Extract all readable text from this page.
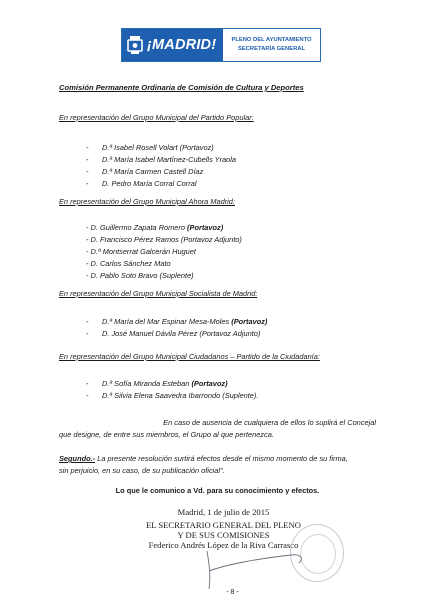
¡MADRID!	PLENO DEL AYUNTAMIENTO
SECRETARÍA GENERAL
Comisión Permanente Ordinaria de Comisión de Cultura y Deportes
En representación del Grupo Municipal del Partido Popular:
- D.ª Isabel Rosell Volart (Portavoz)
- D.ª María Isabel Martínez-Cubells Yraola
- D.ª María Carmen Castell Díaz
- D. Pedro María Corral Corral
En representación del Grupo Municipal Ahora Madrid:
- D. Guillermo Zapata Romero (Portavoz)
- D. Francisco Pérez Ramos (Portavoz Adjunto)
- D.ª Montserrat Galcerán Huguet
- D. Carlos Sánchez Mato
- D. Pablo Soto Bravo (Suplente)
En representación del Grupo Municipal Socialista de Madrid:
- D.ª María del Mar Espinar Mesa-Moles (Portavoz)
- D. José Manuel Dávila Pérez (Portavoz Adjunto)
En representación del Grupo Municipal Ciudadanos – Partido de la Ciudadanía:
- D.ª Sofía Miranda Esteban (Portavoz)
- D.ª Silvia Elena Saavedra Ibarrondo (Suplente).
En caso de ausencia de cualquiera de ellos lo suplirá el Concejal
que designe, de entre sus miembros, el Grupo al que pertenezca.
Segundo.- La presente resolución surtirá efectos desde el mismo momento de su firma,
sin perjuicio, en su caso, de su publicación oficial".
Lo que le comunico a Vd. para su conocimiento y efectos.
Madrid, 1 de julio de 2015
EL SECRETARIO GENERAL DEL PLENO
Y DE SUS COMISIONES
Federico Andrés López de la Riva Carrasco
- 8 -
